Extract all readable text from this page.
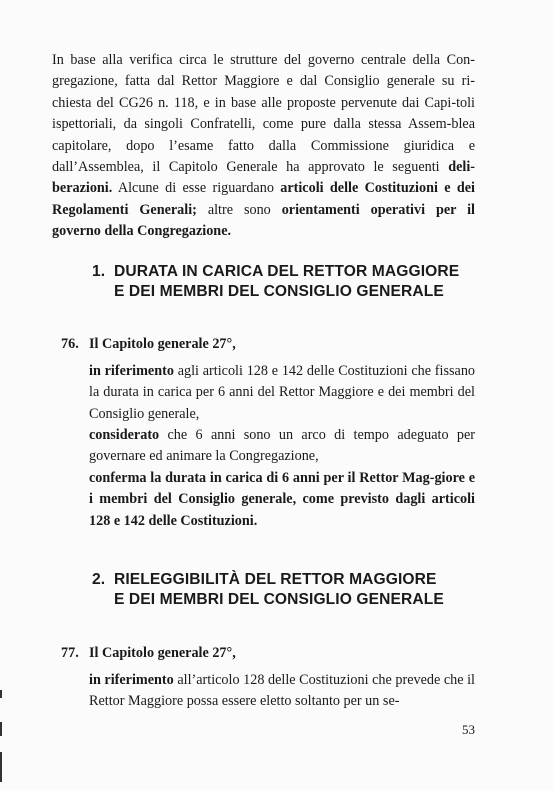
In base alla verifica circa le strutture del governo centrale della Con-gregazione, fatta dal Rettor Maggiore e dal Consiglio generale su ri-chiesta del CG26 n. 118, e in base alle proposte pervenute dai Capi-toli ispettoriali, da singoli Confratelli, come pure dalla stessa Assem-blea capitolare, dopo l’esame fatto dalla Commissione giuridica e dall’Assemblea, il Capitolo Generale ha approvato le seguenti deli-berazioni. Alcune di esse riguardano articoli delle Costituzioni e dei Regolamenti Generali; altre sono orientamenti operativi per il governo della Congregazione.

1. DURATA IN CARICA DEL RETTOR MAGGIORE
E DEI MEMBRI DEL CONSIGLIO GENERALE
76. Il Capitolo generale 27°,

in riferimento agli articoli 128 e 142 delle Costituzioni che fissano la durata in carica per 6 anni del Rettor Maggiore e dei membri del Consiglio generale,

considerato che 6 anni sono un arco di tempo adeguato per governare ed animare la Congregazione,

conferma la durata in carica di 6 anni per il Rettor Mag-giore e i membri del Consiglio generale, come previsto dagli articoli 128 e 142 delle Costituzioni.

2. RIELEGGIBILITÀ DEL RETTOR MAGGIORE
E DEI MEMBRI DEL CONSIGLIO GENERALE
77. Il Capitolo generale 27°,

in riferimento all’articolo 128 delle Costituzioni che prevede che il Rettor Maggiore possa essere eletto soltanto per un se-

53
